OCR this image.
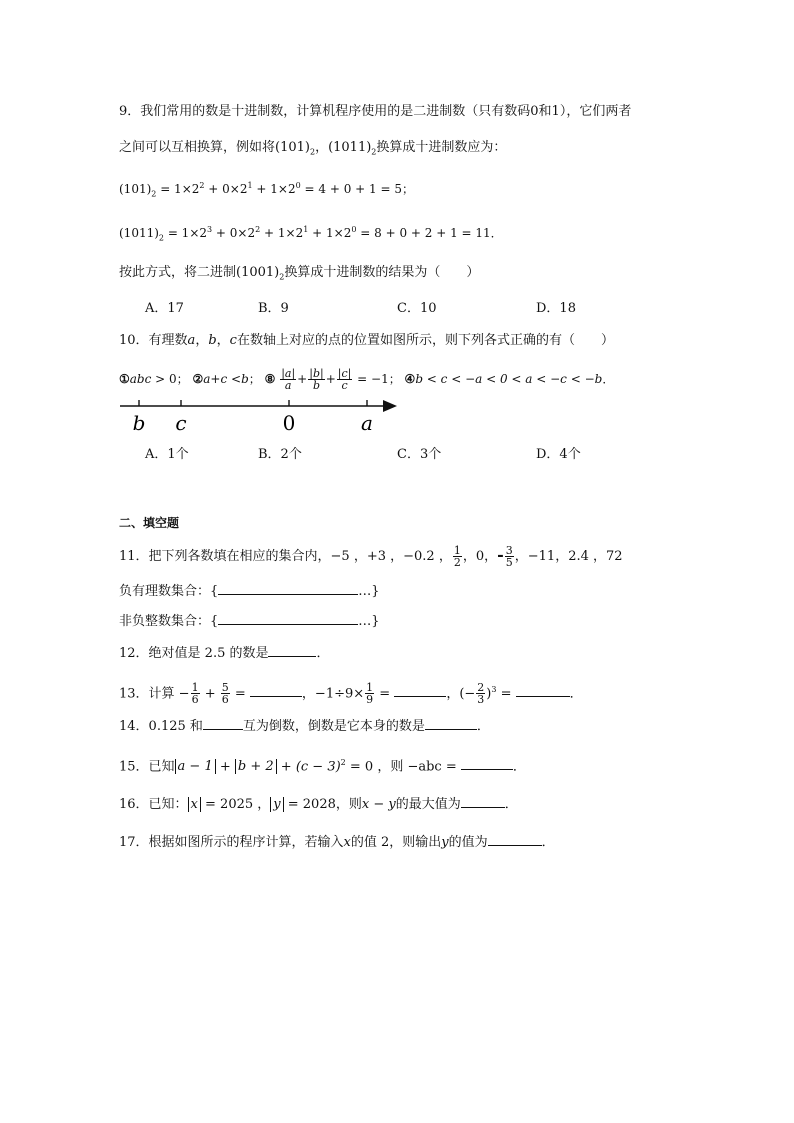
9．我们常用的数是十进制数，计算机程序使用的是二进制数（只有数码0和1），它们两者
之间可以互相换算，例如将$(101)_2$，$(1011)_2$换算成十进制数应为：
$(101)_2 = 1\times 2^2 + 0\times 2^1 + 1\times 2^0 = 4 + 0 + 1 = 5$；
$(1011)_2 = 1\times 2^3 + 0\times 2^2 + 1\times 2^1 + 1\times 2^0 = 8 + 0 + 2 + 1 = 11$．
按此方式，将二进制$(1001)_2$换算成十进制数的结果为（　　）
A．17	B．9	C．10	D．18
10．有理数a，b，c在数轴上对应的点的位置如图所示，则下列各式正确的有（　　）
①abc > 0； ②a+c <b； ⑧ $\frac{|a|}{a} + \frac{|b|}{b} + \frac{|c|}{c} = -1$； ④b < c < −a < 0 < a < −c < −b．
b c	0	a
A．1个	B．2个	C．3个	D．4个
二、填空题
11．把下列各数填在相应的集合内，−5 ，+3 ，−0.2 ， $\frac{1}{2}$ ，0，- $\frac{3}{5}$ ，−11，2.4 ，72
负有理数集合：{	…}
非负整数集合：{	…}
12．绝对值是 2.5 的数是	．
13．计算 − $\frac{1}{6} + \frac{5}{6}$ =	，$-1\div 9\times \frac{1}{9}$ =	，(− $\frac{2}{3} )^3$ =	．
14．0.125 和	互为倒数，倒数是它本身的数是	．
15．已知 $a - 1 + b + 2 + (c - 3)^2 = 0$ ，则 −abc =	．
16．已知： x = 2025 ， y = 2028，则x − y的最大值为	．
17．根据如图所示的程序计算，若输入x的值 2，则输出y的值为	．
